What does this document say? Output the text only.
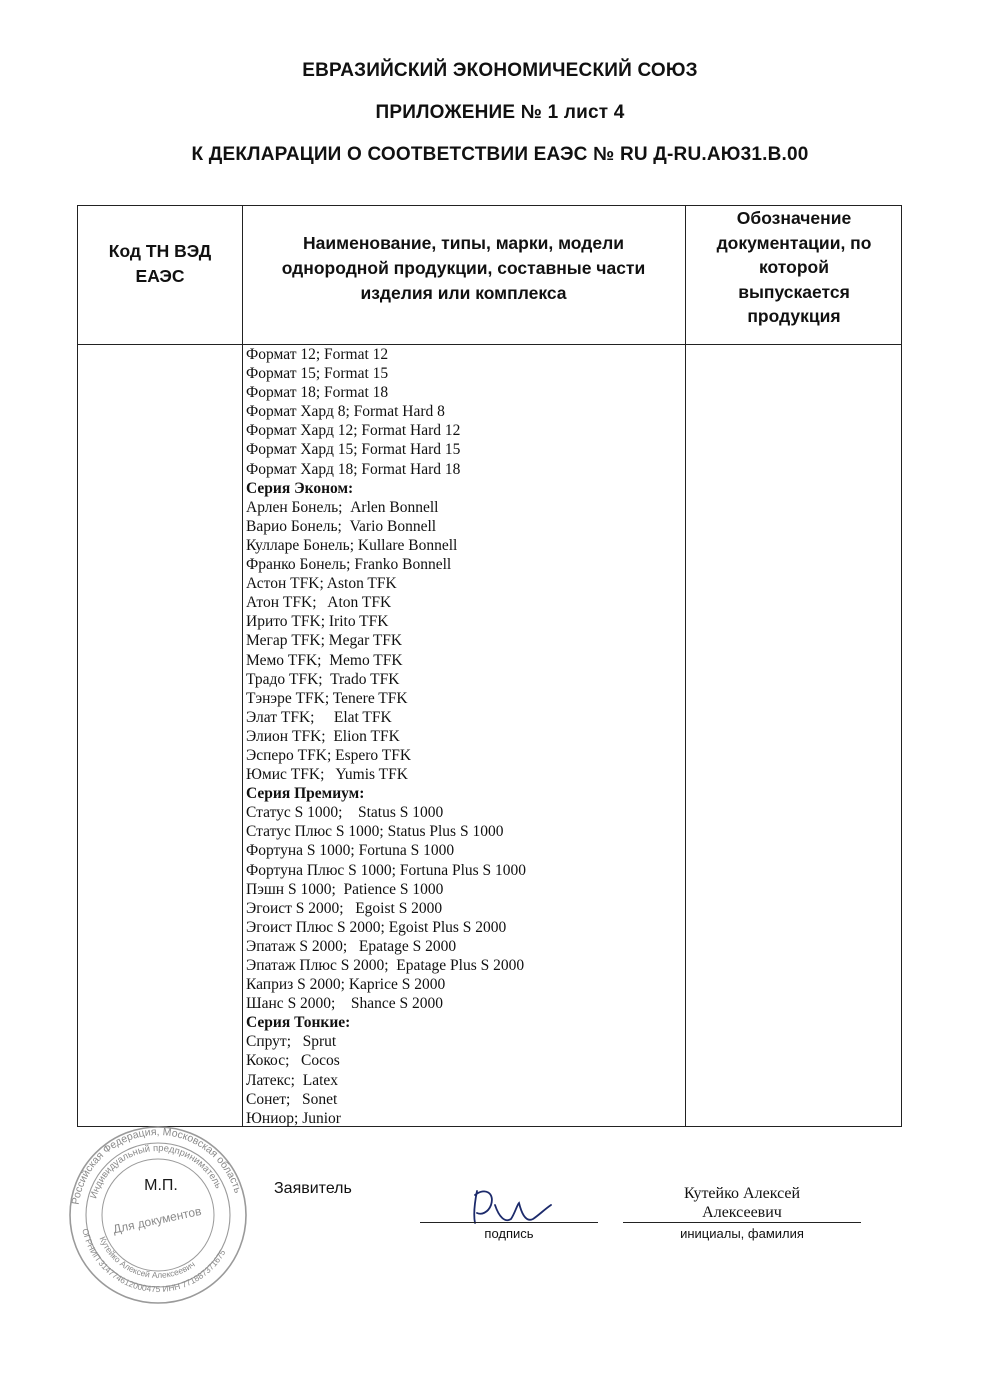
ЕВРАЗИЙСКИЙ ЭКОНОМИЧЕСКИЙ СОЮЗ
ПРИЛОЖЕНИЕ № 1 лист 4
К ДЕКЛАРАЦИИ О СООТВЕТСТВИИ ЕАЭС № RU Д-RU.АЮ31.В.00
Код ТН ВЭД
ЕАЭС
Наименование, типы, марки, модели
однородной продукции, составные части
изделия или комплекса
Обозначение
документации, по
которой
выпускается
продукция
Формат 12; Format 12
Формат 15; Format 15
Формат 18; Format 18
Формат Хард 8; Format Hard 8
Формат Хард 12; Format Hard 12
Формат Хард 15; Format Hard 15
Формат Хард 18; Format Hard 18
Серия Эконом:
Арлен Бонель;  Arlen Bonnell
Варио Бонель;  Vario Bonnell
Кулларе Бонель; Kullare Bonnell
Франко Бонель; Franko Bonnell
Астон TFK; Aston TFK
Атон TFK;   Aton TFK
Ирито TFK; Irito TFK
Мегар TFK; Megar TFK
Мемо TFK;  Memo TFK
Традо TFK;  Trado TFK
Тэнэре TFK; Tenere TFK
Элат TFK;     Elat TFK
Элион TFK;  Elion TFK
Эсперо TFK; Espero TFK
Юмис TFK;   Yumis TFK
Серия Премиум:
Статус S 1000;    Status S 1000
Статус Плюс S 1000; Status Plus S 1000
Фортуна S 1000; Fortuna S 1000
Фортуна Плюс S 1000; Fortuna Plus S 1000
Пэшн S 1000;  Patience S 1000
Эгоист S 2000;   Egoist S 2000
Эгоист Плюс S 2000; Egoist Plus S 2000
Эпатаж S 2000;   Epatage S 2000
Эпатаж Плюс S 2000;  Epatage Plus S 2000
Каприз S 2000; Kaprice S 2000
Шанс S 2000;    Shance S 2000
Серия Тонкие:
Спрут;   Sprut
Кокос;   Cocos
Латекс;  Latex
Сонет;   Sonet
Юниор; Junior
Российская Федерация, Московская область
Индивидуальный предприниматель
ОГРНИП 314774612000475 ИНН 771887371675
Кутейко Алексей Алексеевич
Для документов
М.П.	Заявитель
подпись
Кутейко Алексей
Алексеевич
инициалы, фамилия
